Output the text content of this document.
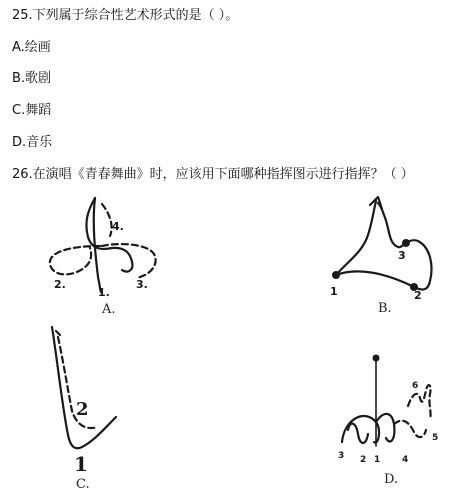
25.下列属于综合性艺术形式的是（ ）。
A.绘画
B.歌剧
C.舞蹈
D.音乐
26.在演唱《青春舞曲》时，应该用下面哪种指挥图示进行指挥？（ ）
1.
2.	3.
4.
A.
1	2
3
B.
1
2
C.
1
2
3	4
5
6
D.
